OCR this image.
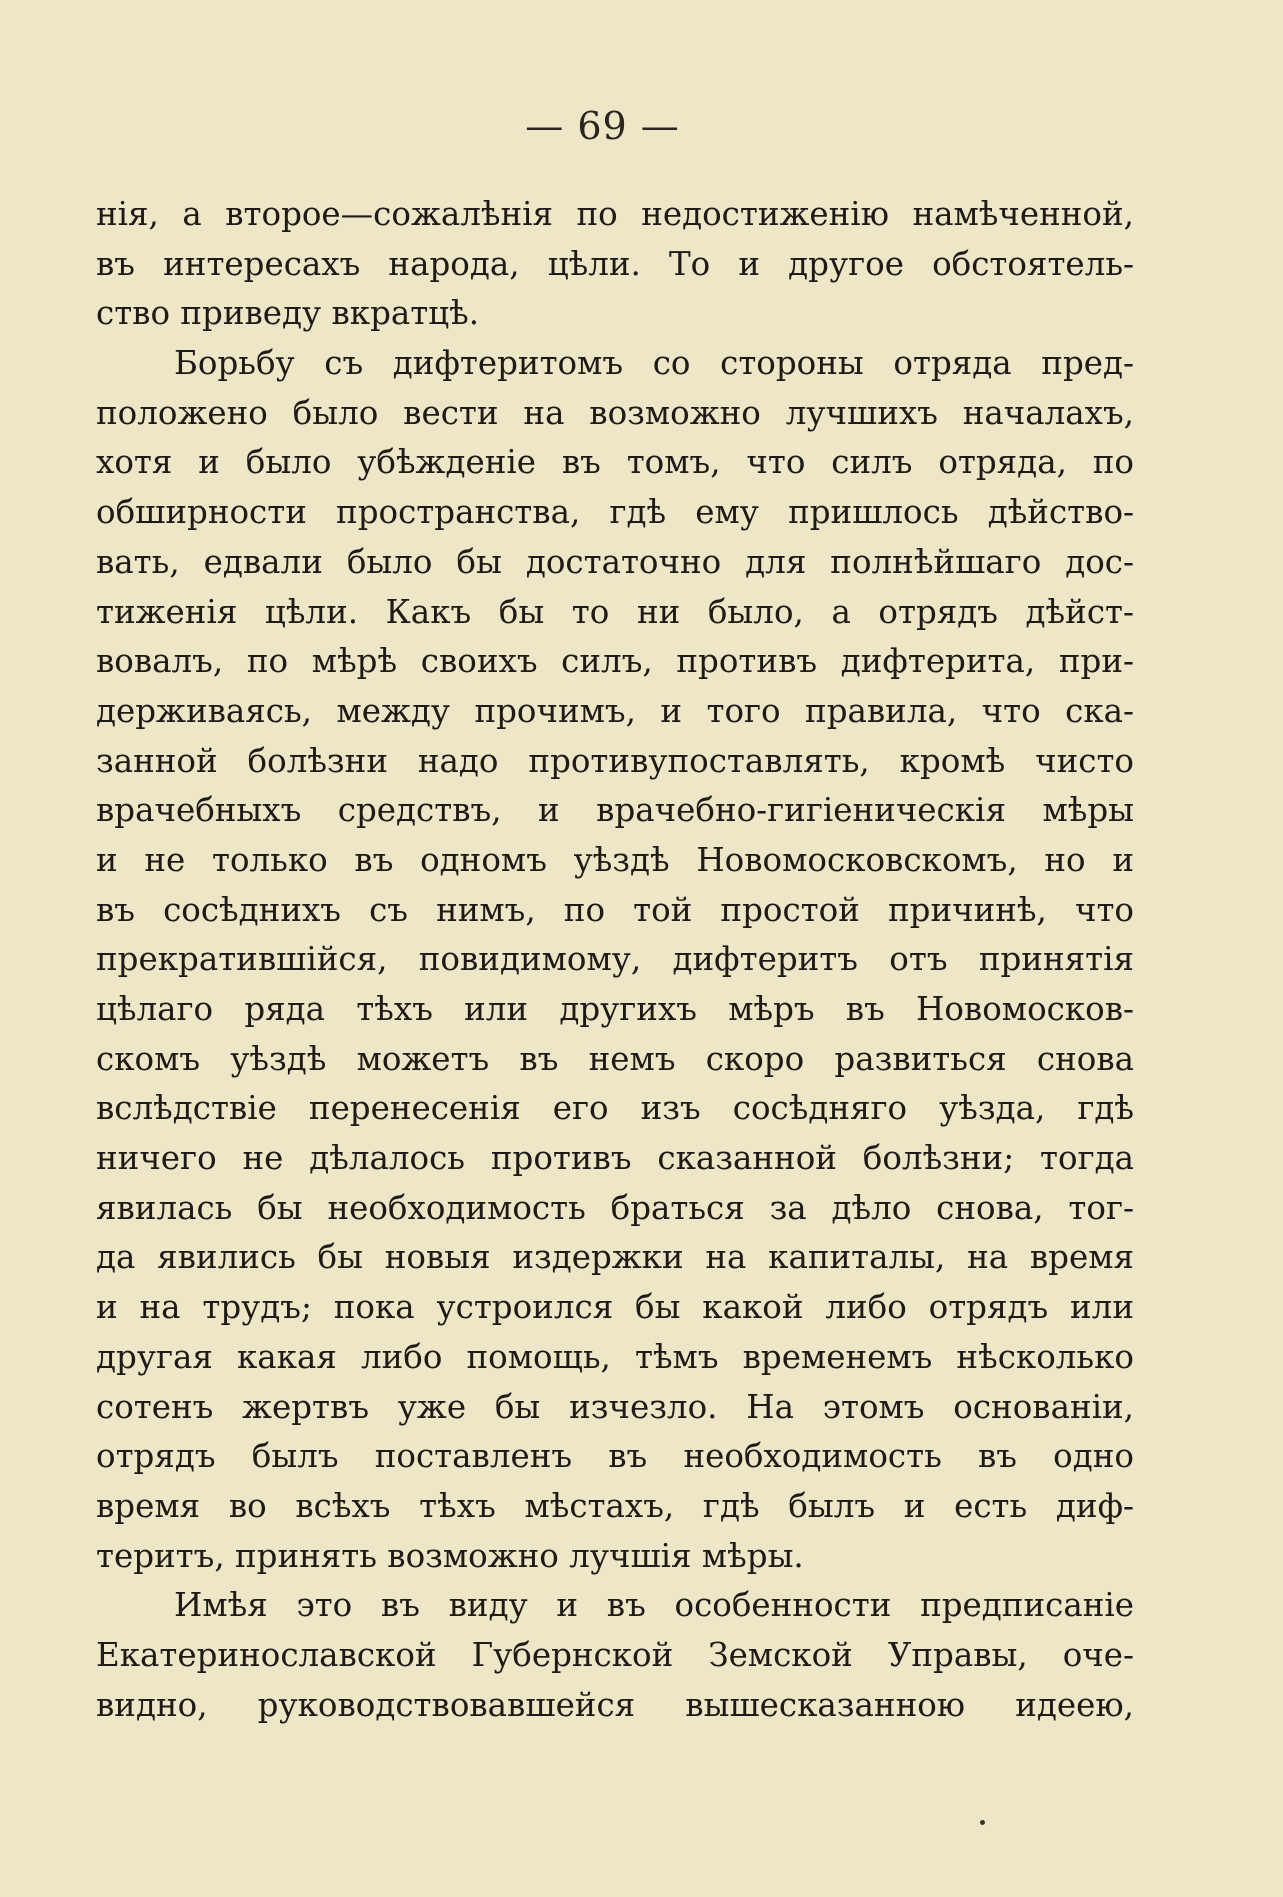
— 69 —
нія, а второе—сожалѣнія по недостиженію намѣченной,
въ интересахъ народа, цѣли. То и другое обстоятель-
ство приведу вкратцѣ.
Борьбу съ дифтеритомъ со стороны отряда пред-
положено было вести на возможно лучшихъ началахъ,
хотя и было убѣжденіе въ томъ, что силъ отряда, по
обширности пространства, гдѣ ему пришлось дѣйство-
вать, едвали было бы достаточно для полнѣйшаго дос-
тиженія цѣли. Какъ бы то ни было, а отрядъ дѣйст-
вовалъ, по мѣрѣ своихъ силъ, противъ дифтерита, при-
держиваясь, между прочимъ, и того правила, что ска-
занной болѣзни надо противупоставлять, кромѣ чисто
врачебныхъ средствъ, и врачебно-гигіеническія мѣры
и не только въ одномъ уѣздѣ Новомосковскомъ, но и
въ сосѣднихъ съ нимъ, по той простой причинѣ, что
прекратившійся, повидимому, дифтеритъ отъ принятія
цѣлаго ряда тѣхъ или другихъ мѣръ въ Новомосков-
скомъ уѣздѣ можетъ въ немъ скоро развиться снова
вслѣдствіе перенесенія его изъ сосѣдняго уѣзда, гдѣ
ничего не дѣлалось противъ сказанной болѣзни; тогда
явилась бы необходимость браться за дѣло снова, тог-
да явились бы новыя издержки на капиталы, на время
и на трудъ; пока устроился бы какой либо отрядъ или
другая какая либо помощь, тѣмъ временемъ нѣсколько
сотенъ жертвъ уже бы изчезло. На этомъ основаніи,
отрядъ былъ поставленъ въ необходимость въ одно
время во всѣхъ тѣхъ мѣстахъ, гдѣ былъ и есть диф-
теритъ, принять возможно лучшія мѣры.
Имѣя это въ виду и въ особенности предписаніе
Екатеринославской Губернской Земской Управы, оче-
видно, руководствовавшейся вышесказанною идеею,
